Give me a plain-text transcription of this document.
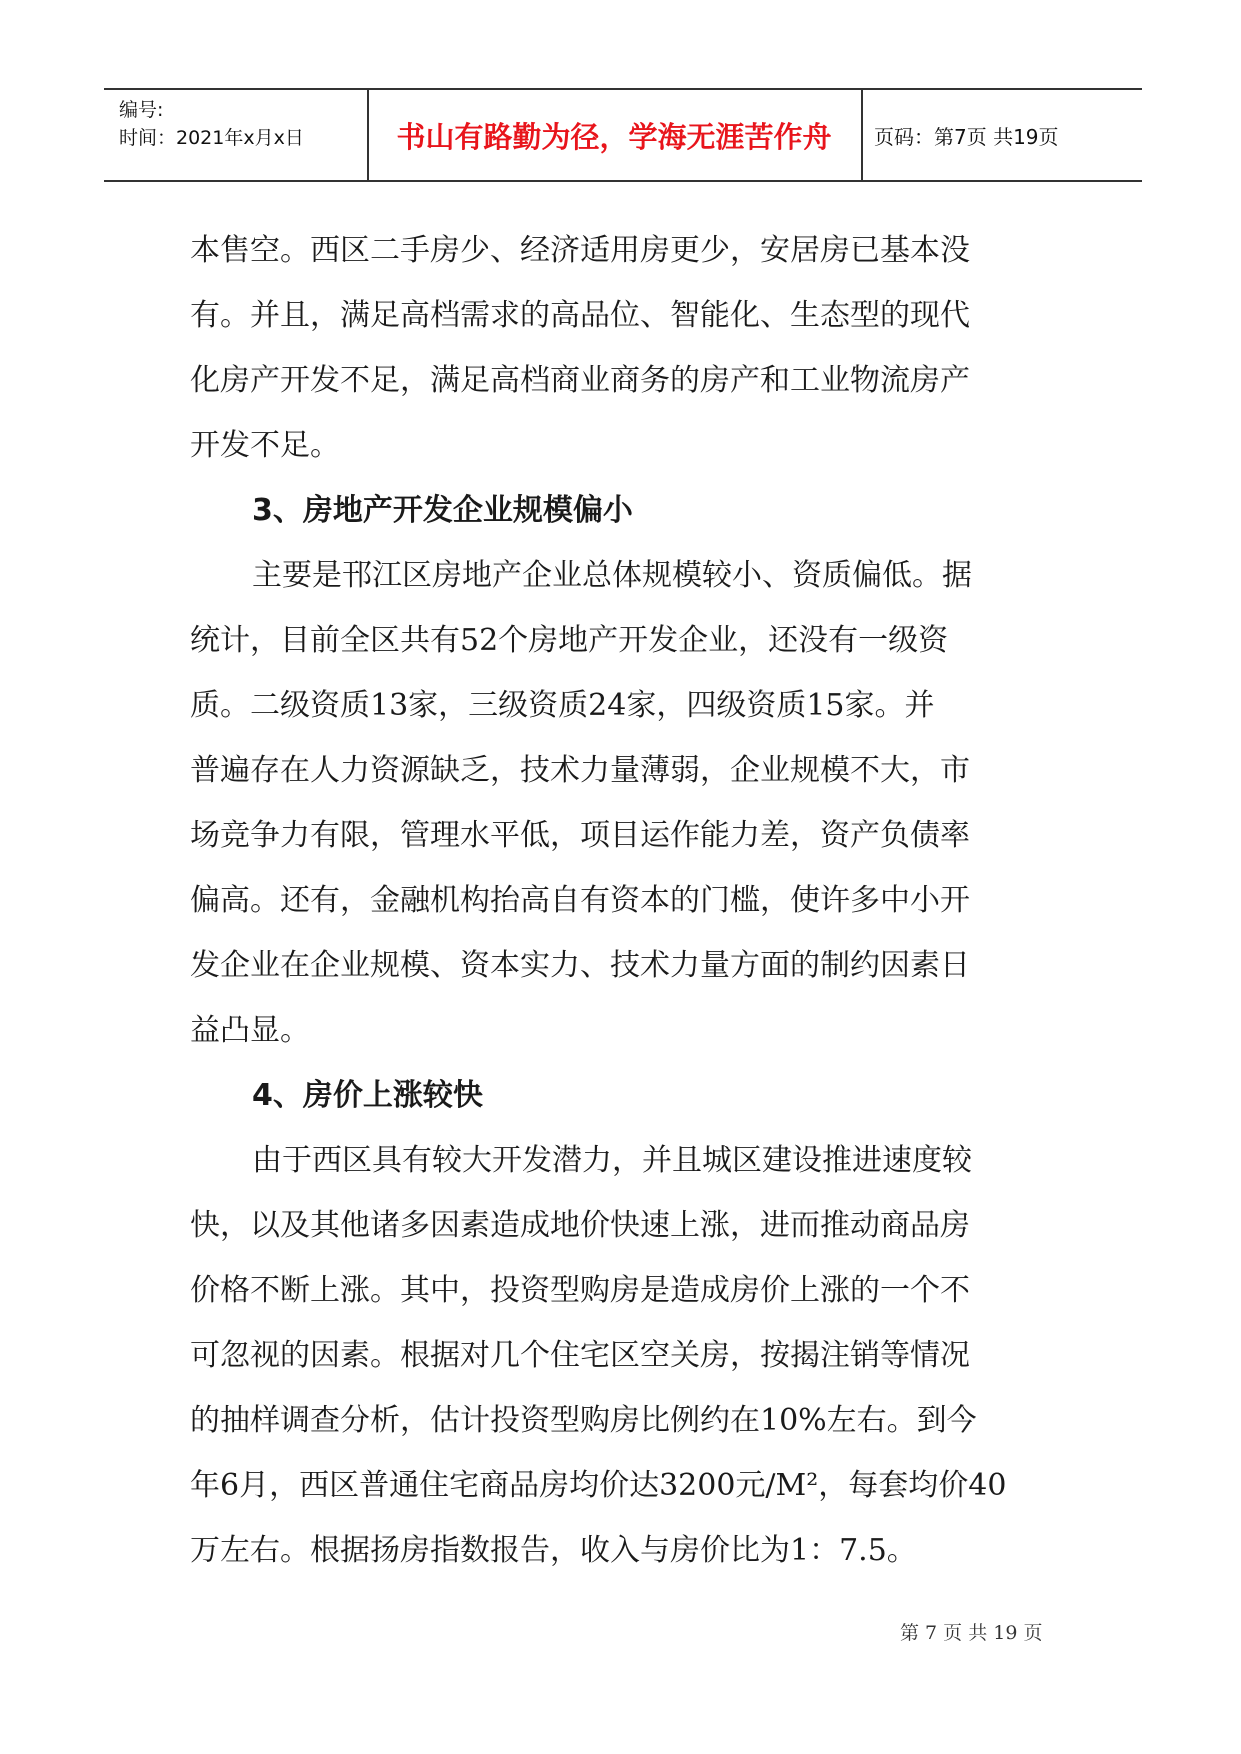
编号:
时间：2021年x月x日	书山有路勤为径，学海无涯苦作舟	页码：第7页 共19页
本售空。西区二手房少、经济适用房更少，安居房已基本没
有。并且，满足高档需求的高品位、智能化、生态型的现代
化房产开发不足，满足高档商业商务的房产和工业物流房产
开发不足。
3、房地产开发企业规模偏小
主要是邗江区房地产企业总体规模较小、资质偏低。据
统计，目前全区共有52个房地产开发企业，还没有一级资
质。二级资质13家，三级资质24家，四级资质15家。并
普遍存在人力资源缺乏，技术力量薄弱，企业规模不大，市
场竞争力有限，管理水平低，项目运作能力差，资产负债率
偏高。还有，金融机构抬高自有资本的门槛，使许多中小开
发企业在企业规模、资本实力、技术力量方面的制约因素日
益凸显。
4、房价上涨较快
由于西区具有较大开发潜力，并且城区建设推进速度较
快，以及其他诸多因素造成地价快速上涨，进而推动商品房
价格不断上涨。其中，投资型购房是造成房价上涨的一个不
可忽视的因素。根据对几个住宅区空关房，按揭注销等情况
的抽样调查分析，估计投资型购房比例约在10%左右。到今
年6月，西区普通住宅商品房均价达3200元/M²，每套均价40
万左右。根据扬房指数报告，收入与房价比为1：7.5。
第 7 页 共 19 页
